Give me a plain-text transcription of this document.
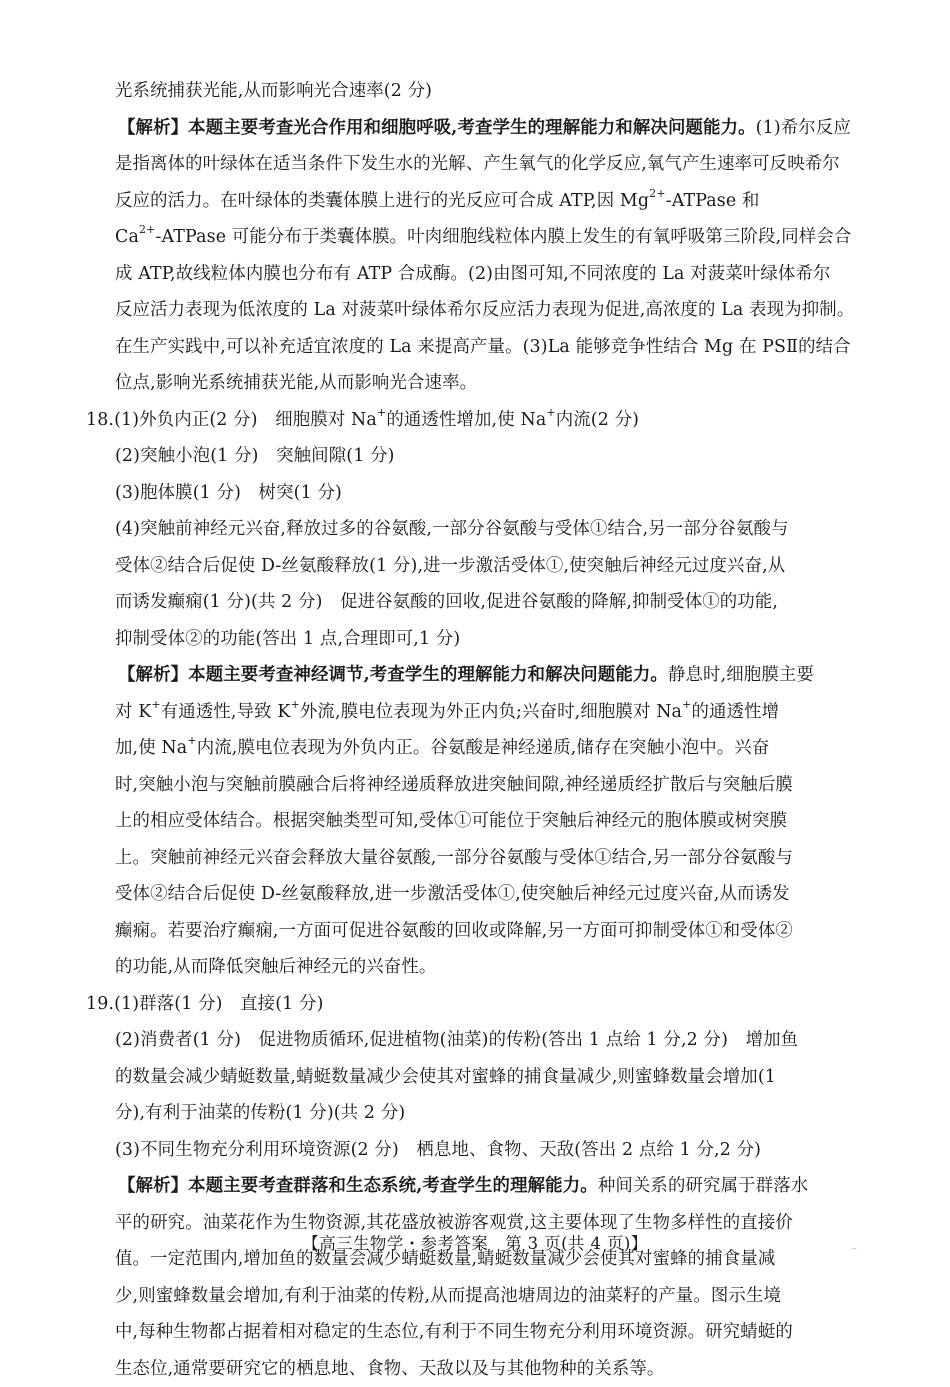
光系统捕获光能,从而影响光合速率(2 分)
【解析】本题主要考查光合作用和细胞呼吸,考查学生的理解能力和解决问题能力。(1)希尔反应
是指离体的叶绿体在适当条件下发生水的光解、产生氧气的化学反应,氧气产生速率可反映希尔
反应的活力。在叶绿体的类囊体膜上进行的光反应可合成 ATP,因 $Mg^{2+}$-ATPase 和
$Ca^{2+}$-ATPase 可能分布于类囊体膜。叶肉细胞线粒体内膜上发生的有氧呼吸第三阶段,同样会合
成 ATP,故线粒体内膜也分布有 ATP 合成酶。(2)由图可知,不同浓度的 La 对菠菜叶绿体希尔
反应活力表现为低浓度的 La 对菠菜叶绿体希尔反应活力表现为促进,高浓度的 La 表现为抑制。
在生产实践中,可以补充适宜浓度的 La 来提高产量。(3)La 能够竞争性结合 Mg 在 PSⅡ的结合
位点,影响光系统捕获光能,从而影响光合速率。
18.(1)外负内正(2 分)　细胞膜对 Na+的通透性增加,使 Na+内流(2 分)
(2)突触小泡(1 分)　突触间隙(1 分)
(3)胞体膜(1 分)　树突(1 分)
(4)突触前神经元兴奋,释放过多的谷氨酸,一部分谷氨酸与受体①结合,另一部分谷氨酸与
受体②结合后促使 D-丝氨酸释放(1 分),进一步激活受体①,使突触后神经元过度兴奋,从
而诱发癫痫(1 分)(共 2 分)　促进谷氨酸的回收,促进谷氨酸的降解,抑制受体①的功能,
抑制受体②的功能(答出 1 点,合理即可,1 分)
【解析】本题主要考查神经调节,考查学生的理解能力和解决问题能力。静息时,细胞膜主要
对 K+有通透性,导致 K+外流,膜电位表现为外正内负;兴奋时,细胞膜对 Na+的通透性增
加,使 Na+内流,膜电位表现为外负内正。谷氨酸是神经递质,储存在突触小泡中。兴奋
时,突触小泡与突触前膜融合后将神经递质释放进突触间隙,神经递质经扩散后与突触后膜
上的相应受体结合。根据突触类型可知,受体①可能位于突触后神经元的胞体膜或树突膜
上。突触前神经元兴奋会释放大量谷氨酸,一部分谷氨酸与受体①结合,另一部分谷氨酸与
受体②结合后促使 D-丝氨酸释放,进一步激活受体①,使突触后神经元过度兴奋,从而诱发
癫痫。若要治疗癫痫,一方面可促进谷氨酸的回收或降解,另一方面可抑制受体①和受体②
的功能,从而降低突触后神经元的兴奋性。
19.(1)群落(1 分)　直接(1 分)
(2)消费者(1 分)　促进物质循环,促进植物(油菜)的传粉(答出 1 点给 1 分,2 分)　增加鱼
的数量会减少蜻蜓数量,蜻蜓数量减少会使其对蜜蜂的捕食量减少,则蜜蜂数量会增加(1
分),有利于油菜的传粉(1 分)(共 2 分)
(3)不同生物充分利用环境资源(2 分)　栖息地、食物、天敌(答出 2 点给 1 分,2 分)
【解析】本题主要考查群落和生态系统,考查学生的理解能力。种间关系的研究属于群落水
平的研究。油菜花作为生物资源,其花盛放被游客观赏,这主要体现了生物多样性的直接价
值。一定范围内,增加鱼的数量会减少蜻蜓数量,蜻蜓数量减少会使其对蜜蜂的捕食量减
少,则蜜蜂数量会增加,有利于油菜的传粉,从而提高池塘周边的油菜籽的产量。图示生境
中,每种生物都占据着相对稳定的生态位,有利于不同生物充分利用环境资源。研究蜻蜓的
生态位,通常要研究它的栖息地、食物、天敌以及与其他物种的关系等。
【高三生物学・参考答案　第 3 页(共 4 页)】	..
